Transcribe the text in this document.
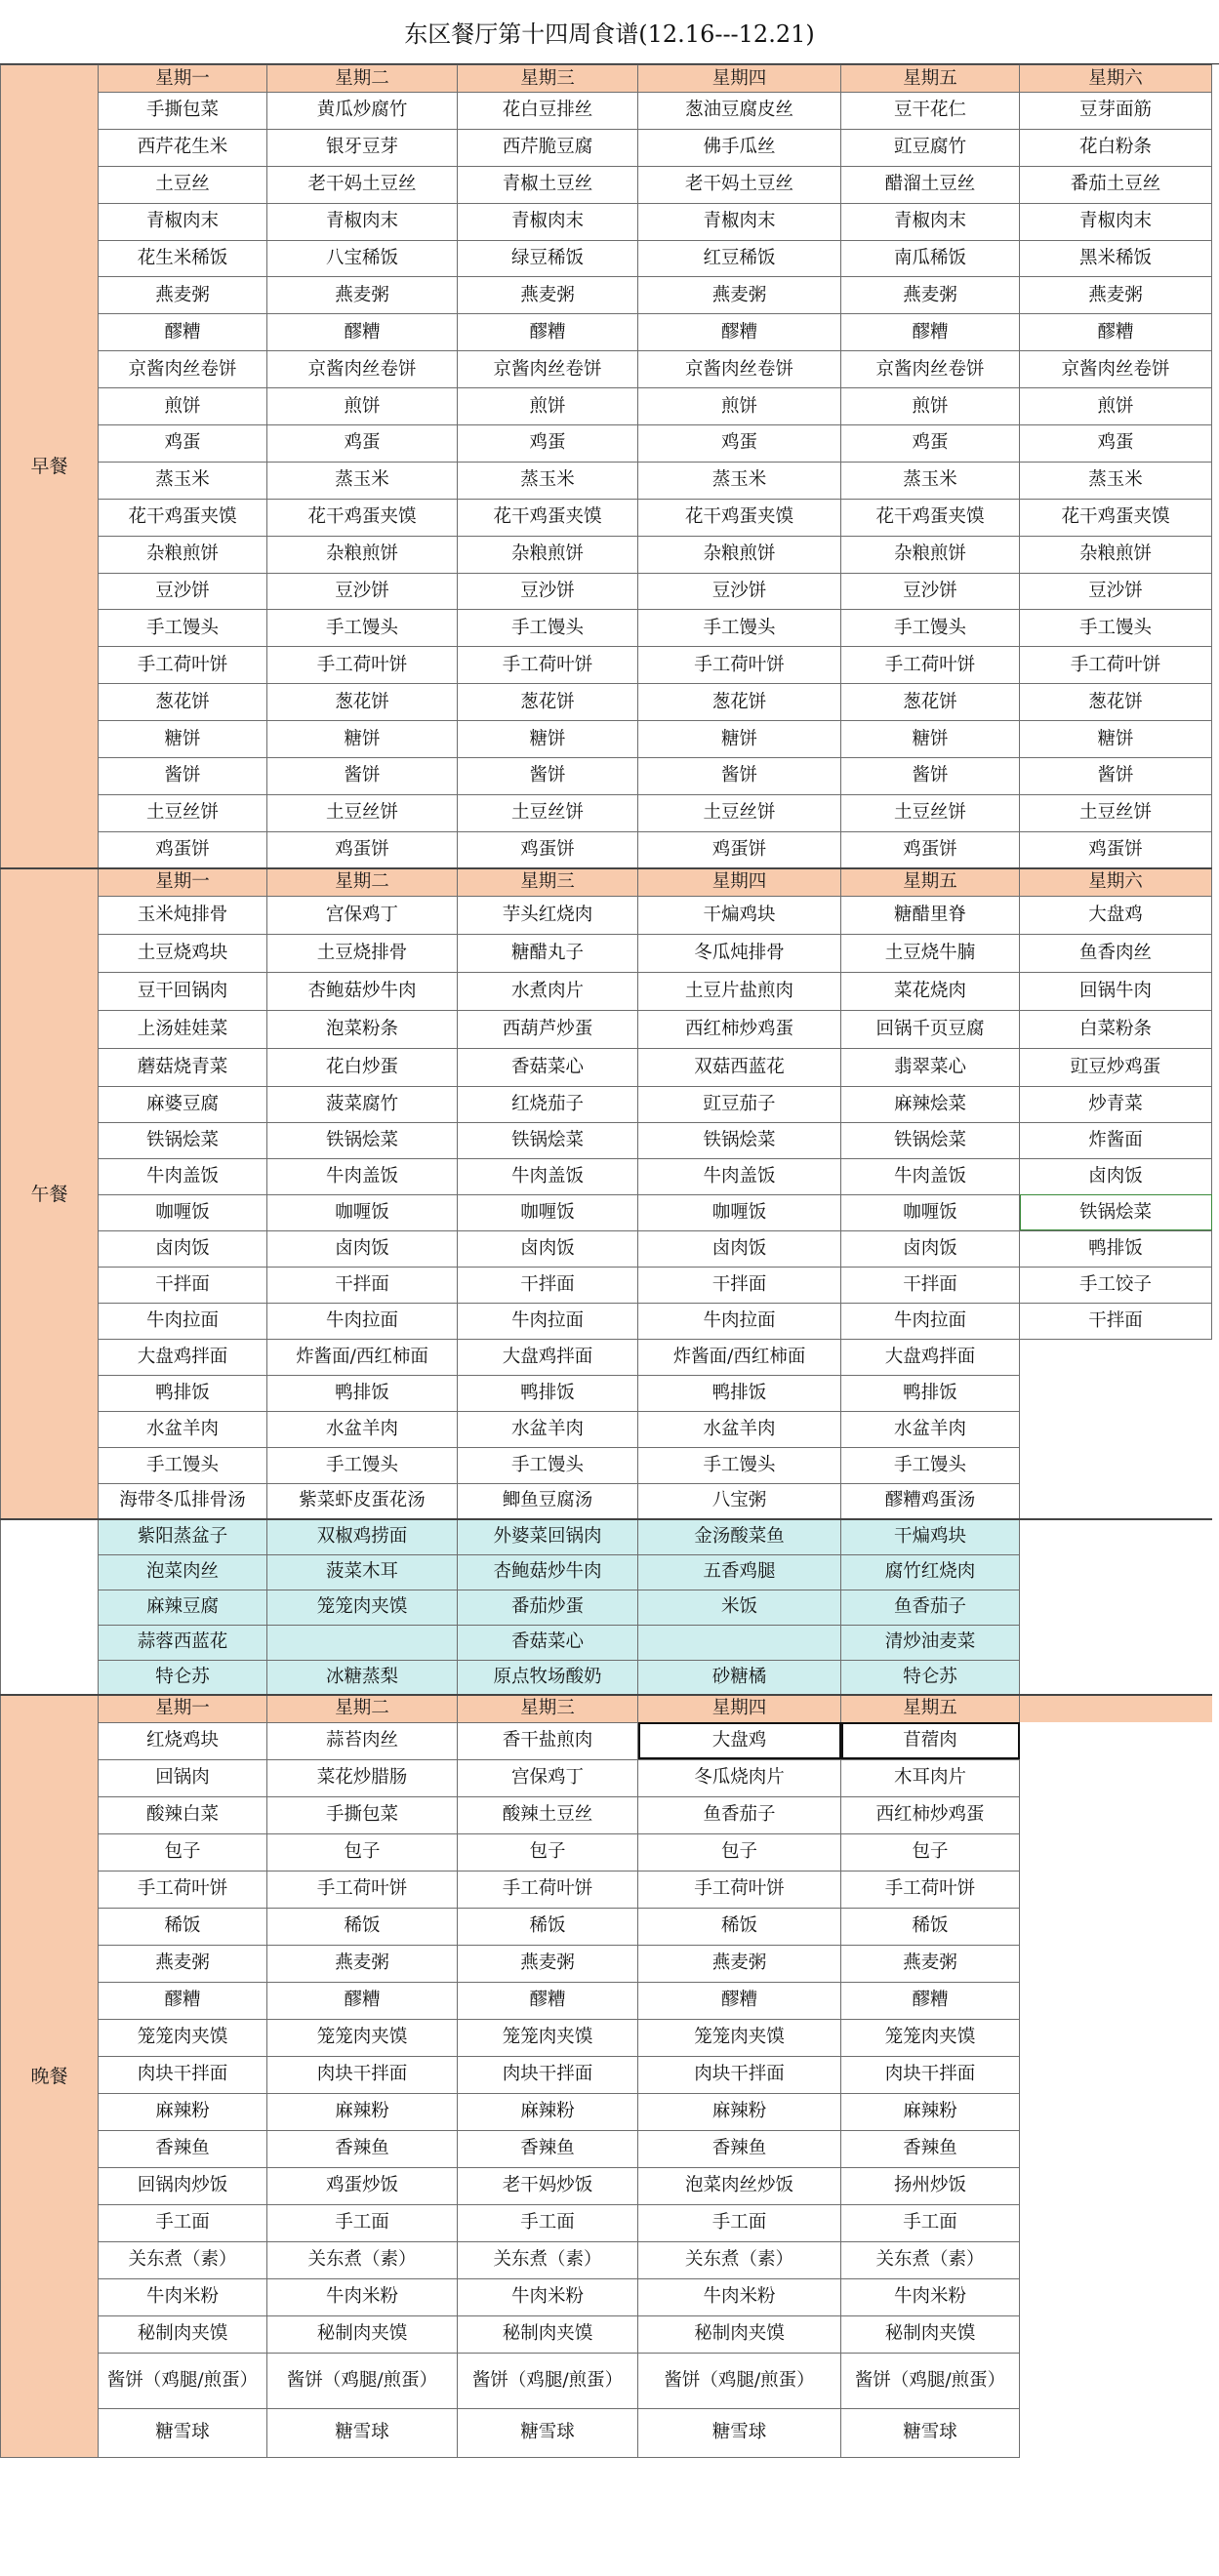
东区餐厅第十四周食谱(12.16---12.21)
早餐	星期一	星期二	星期三	星期四	星期五	星期六
	手撕包菜	黄瓜炒腐竹	花白豆排丝	葱油豆腐皮丝	豆干花仁	豆芽面筋
	西芹花生米	银牙豆芽	西芹脆豆腐	佛手瓜丝	豇豆腐竹	花白粉条
	土豆丝	老干妈土豆丝	青椒土豆丝	老干妈土豆丝	醋溜土豆丝	番茄土豆丝
	青椒肉末	青椒肉末	青椒肉末	青椒肉末	青椒肉末	青椒肉末
	花生米稀饭	八宝稀饭	绿豆稀饭	红豆稀饭	南瓜稀饭	黑米稀饭
	燕麦粥	燕麦粥	燕麦粥	燕麦粥	燕麦粥	燕麦粥
	醪糟	醪糟	醪糟	醪糟	醪糟	醪糟
	京酱肉丝卷饼	京酱肉丝卷饼	京酱肉丝卷饼	京酱肉丝卷饼	京酱肉丝卷饼	京酱肉丝卷饼
	煎饼	煎饼	煎饼	煎饼	煎饼	煎饼
	鸡蛋	鸡蛋	鸡蛋	鸡蛋	鸡蛋	鸡蛋
	蒸玉米	蒸玉米	蒸玉米	蒸玉米	蒸玉米	蒸玉米
	花干鸡蛋夹馍	花干鸡蛋夹馍	花干鸡蛋夹馍	花干鸡蛋夹馍	花干鸡蛋夹馍	花干鸡蛋夹馍
	杂粮煎饼	杂粮煎饼	杂粮煎饼	杂粮煎饼	杂粮煎饼	杂粮煎饼
	豆沙饼	豆沙饼	豆沙饼	豆沙饼	豆沙饼	豆沙饼
	手工馒头	手工馒头	手工馒头	手工馒头	手工馒头	手工馒头
	手工荷叶饼	手工荷叶饼	手工荷叶饼	手工荷叶饼	手工荷叶饼	手工荷叶饼
	葱花饼	葱花饼	葱花饼	葱花饼	葱花饼	葱花饼
	糖饼	糖饼	糖饼	糖饼	糖饼	糖饼
	酱饼	酱饼	酱饼	酱饼	酱饼	酱饼
	土豆丝饼	土豆丝饼	土豆丝饼	土豆丝饼	土豆丝饼	土豆丝饼
	鸡蛋饼	鸡蛋饼	鸡蛋饼	鸡蛋饼	鸡蛋饼	鸡蛋饼
午餐	星期一	星期二	星期三	星期四	星期五	星期六
	玉米炖排骨	宫保鸡丁	芋头红烧肉	干煸鸡块	糖醋里脊	大盘鸡
	土豆烧鸡块	土豆烧排骨	糖醋丸子	冬瓜炖排骨	土豆烧牛腩	鱼香肉丝
	豆干回锅肉	杏鲍菇炒牛肉	水煮肉片	土豆片盐煎肉	菜花烧肉	回锅牛肉
	上汤娃娃菜	泡菜粉条	西葫芦炒蛋	西红柿炒鸡蛋	回锅千页豆腐	白菜粉条
	蘑菇烧青菜	花白炒蛋	香菇菜心	双菇西蓝花	翡翠菜心	豇豆炒鸡蛋
	麻婆豆腐	菠菜腐竹	红烧茄子	豇豆茄子	麻辣烩菜	炒青菜
	铁锅烩菜	铁锅烩菜	铁锅烩菜	铁锅烩菜	铁锅烩菜	炸酱面
	牛肉盖饭	牛肉盖饭	牛肉盖饭	牛肉盖饭	牛肉盖饭	卤肉饭
	咖喱饭	咖喱饭	咖喱饭	咖喱饭	咖喱饭	铁锅烩菜
	卤肉饭	卤肉饭	卤肉饭	卤肉饭	卤肉饭	鸭排饭
	干拌面	干拌面	干拌面	干拌面	干拌面	手工饺子
	牛肉拉面	牛肉拉面	牛肉拉面	牛肉拉面	牛肉拉面	干拌面
	大盘鸡拌面	炸酱面/西红柿面	大盘鸡拌面	炸酱面/西红柿面	大盘鸡拌面	
	鸭排饭	鸭排饭	鸭排饭	鸭排饭	鸭排饭	
	水盆羊肉	水盆羊肉	水盆羊肉	水盆羊肉	水盆羊肉	
	手工馒头	手工馒头	手工馒头	手工馒头	手工馒头	
	海带冬瓜排骨汤	紫菜虾皮蛋花汤	鲫鱼豆腐汤	八宝粥	醪糟鸡蛋汤	
	紫阳蒸盆子	双椒鸡捞面	外婆菜回锅肉	金汤酸菜鱼	干煸鸡块	
	泡菜肉丝	菠菜木耳	杏鲍菇炒牛肉	五香鸡腿	腐竹红烧肉	
	麻辣豆腐	笼笼肉夹馍	番茄炒蛋	米饭	鱼香茄子	
	蒜蓉西蓝花		香菇菜心		清炒油麦菜	
	特仑苏	冰糖蒸梨	原点牧场酸奶	砂糖橘	特仑苏	
晚餐	星期一	星期二	星期三	星期四	星期五	
	红烧鸡块	蒜苔肉丝	香干盐煎肉	大盘鸡	苜蓿肉	
	回锅肉	菜花炒腊肠	宫保鸡丁	冬瓜烧肉片	木耳肉片	
	酸辣白菜	手撕包菜	酸辣土豆丝	鱼香茄子	西红柿炒鸡蛋	
	包子	包子	包子	包子	包子	
	手工荷叶饼	手工荷叶饼	手工荷叶饼	手工荷叶饼	手工荷叶饼	
	稀饭	稀饭	稀饭	稀饭	稀饭	
	燕麦粥	燕麦粥	燕麦粥	燕麦粥	燕麦粥	
	醪糟	醪糟	醪糟	醪糟	醪糟	
	笼笼肉夹馍	笼笼肉夹馍	笼笼肉夹馍	笼笼肉夹馍	笼笼肉夹馍	
	肉块干拌面	肉块干拌面	肉块干拌面	肉块干拌面	肉块干拌面	
	麻辣粉	麻辣粉	麻辣粉	麻辣粉	麻辣粉	
	香辣鱼	香辣鱼	香辣鱼	香辣鱼	香辣鱼	
	回锅肉炒饭	鸡蛋炒饭	老干妈炒饭	泡菜肉丝炒饭	扬州炒饭	
	手工面	手工面	手工面	手工面	手工面	
	关东煮（素）	关东煮（素）	关东煮（素）	关东煮（素）	关东煮（素）	
	牛肉米粉	牛肉米粉	牛肉米粉	牛肉米粉	牛肉米粉	
	秘制肉夹馍	秘制肉夹馍	秘制肉夹馍	秘制肉夹馍	秘制肉夹馍	
	酱饼（鸡腿/煎蛋）	酱饼（鸡腿/煎蛋）	酱饼（鸡腿/煎蛋）	酱饼（鸡腿/煎蛋）	酱饼（鸡腿/煎蛋）	
	糖雪球	糖雪球	糖雪球	糖雪球	糖雪球	
